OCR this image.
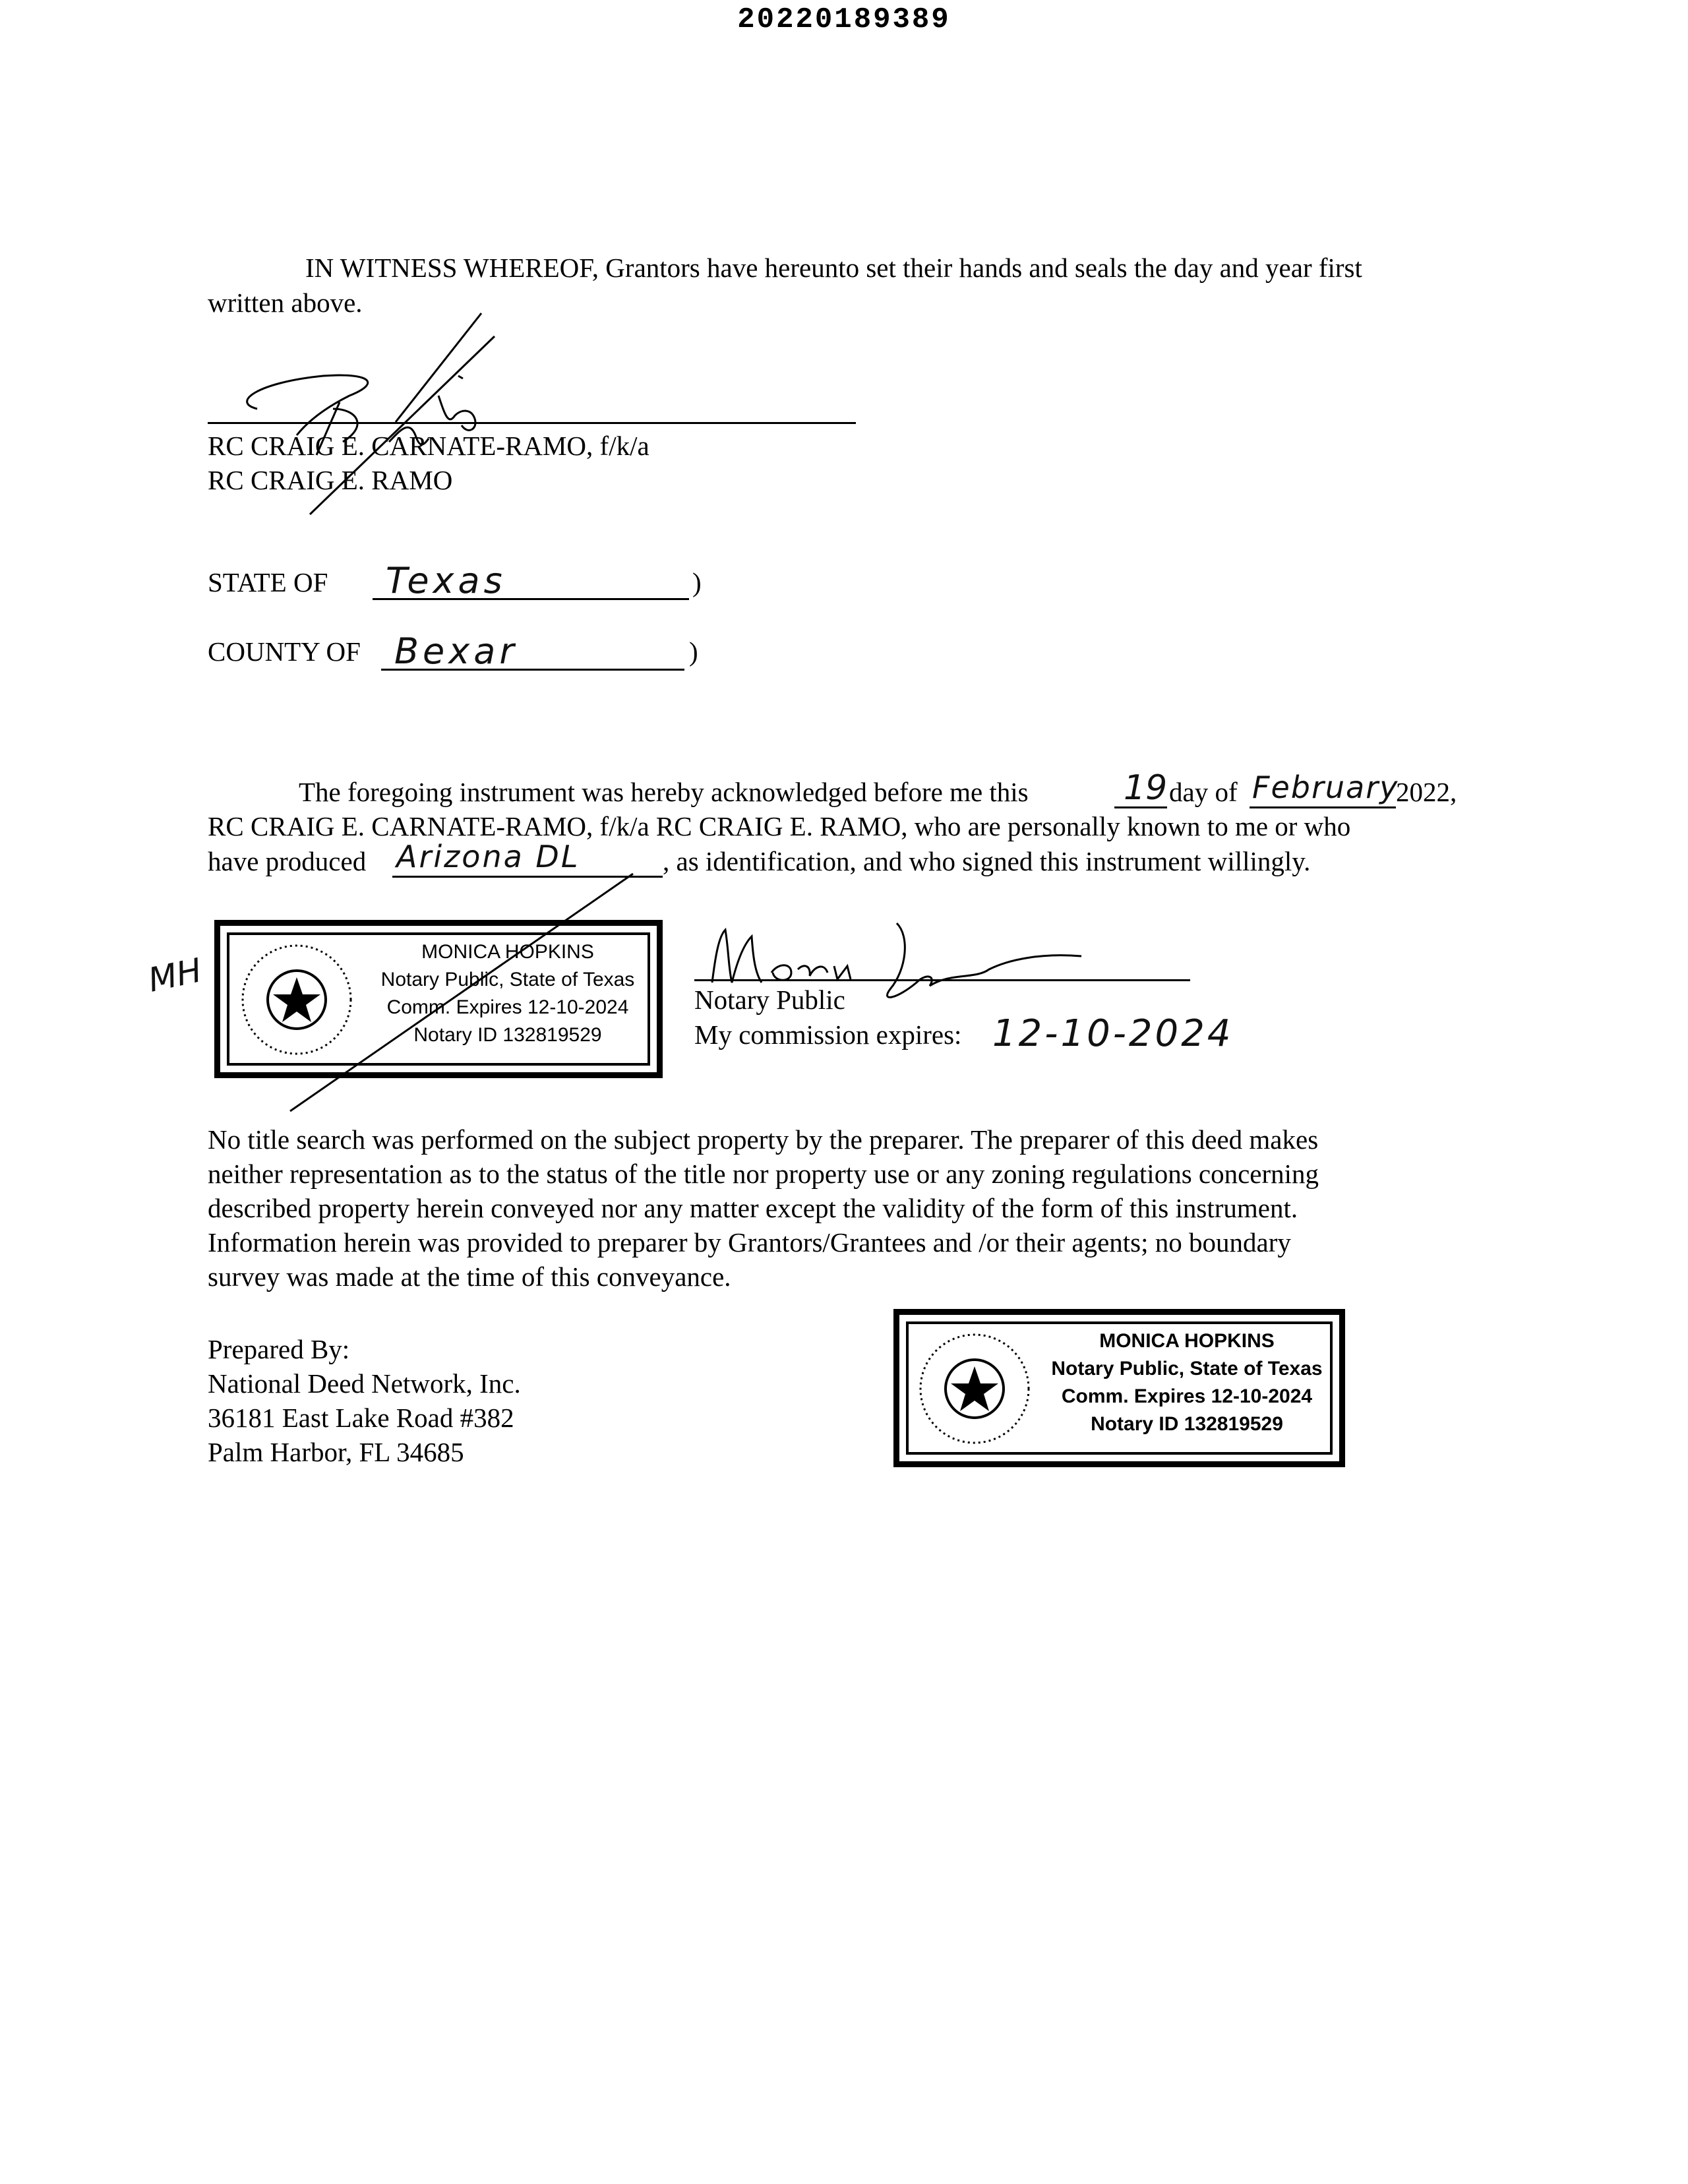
20220189389
IN WITNESS WHEREOF, Grantors have hereunto set their hands and seals the day and year first
written above.
RC CRAIG E. CARNATE-RAMO, f/k/a
RC CRAIG E. RAMO
STATE OF Texas	)
COUNTY OF Bexar	)
The foregoing instrument was hereby acknowledged before me this	19 day of February
2022,
RC CRAIG E. CARNATE-RAMO, f/k/a RC CRAIG E. RAMO, who are personally known to me or who
have produced Arizona DL	, as identification, and who signed this instrument willingly.
MH	MONICA HOPKINS
Notary Public, State of Texas
Comm. Expires 12-10-2024
Notary ID 132819529
Notary Public
My commission expires: 12-10-2024
No title search was performed on the subject property by the preparer. The preparer of this deed makes
neither representation as to the status of the title nor property use or any zoning regulations concerning
described property herein conveyed nor any matter except the validity of the form of this instrument.
Information herein was provided to preparer by Grantors/Grantees and /or their agents; no boundary
survey was made at the time of this conveyance.
Prepared By:
National Deed Network, Inc.
36181 East Lake Road #382
Palm Harbor, FL 34685
MONICA HOPKINS
Notary Public, State of Texas
Comm. Expires 12-10-2024
Notary ID 132819529
